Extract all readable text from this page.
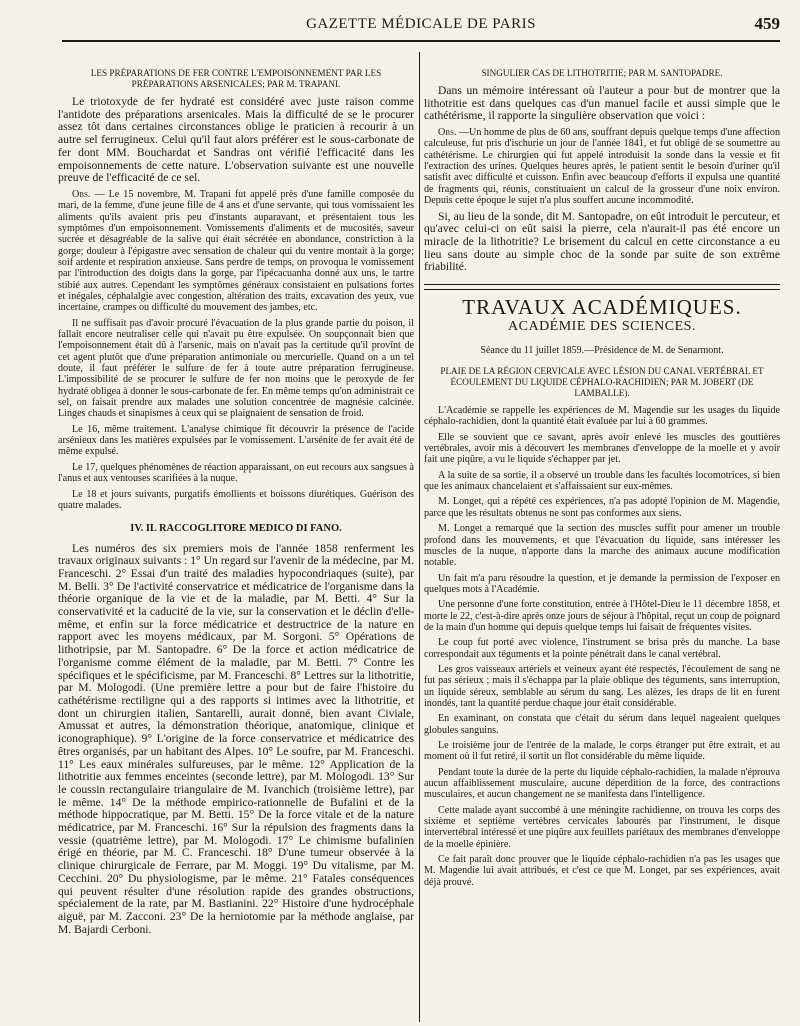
GAZETTE MÉDICALE DE PARIS	459

LES PRÉPARATIONS DE FER CONTRE L'EMPOISONNEMENT PAR LES PRÉPARATIONS ARSENICALES; PAR M. TRAPANI.

Le triotoxyde de fer hydraté est considéré avec juste raison comme l'antidote des préparations arsenicales. Mais la difficulté de se le procurer assez tôt dans certaines circonstances oblige le praticien à recourir à un autre sel ferrugineux. Celui qu'il faut alors préférer est le sous-carbonate de fer dont MM. Bouchardat et Sandras ont vérifié l'efficacité dans les empoisonnements de cette nature. L'observation suivante est une nouvelle preuve de l'efficacité de ce sel.

Obs. — Le 15 novembre, M. Trapani fut appelé près d'une famille composée du mari, de la femme, d'une jeune fille de 4 ans et d'une servante, qui tous vomissaient les aliments qu'ils avaient pris peu d'instants auparavant, et présentaient tous les symptômes d'un empoisonnement. Vomissements d'aliments et de mucosités, saveur sucrée et désagréable de la salive qui était sécrétée en abondance, constriction à la gorge; douleur à l'épigastre avec sensation de chaleur qui du ventre montait à la gorge; soif ardente et respiration anxieuse. Sans perdre de temps, on provoqua le vomissement par l'introduction des doigts dans la gorge, par l'ipécacuanha donné aux uns, le tartre stibié aux autres. Cependant les symptômes généraux consistaient en pulsations fortes et inégales, céphalalgie avec congestion, altération des traits, excavation des yeux, vue incertaine, crampes ou difficulté du mouvement des jambes, etc.

Il ne suffisait pas d'avoir procuré l'évacuation de la plus grande partie du poison, il fallait encore neutraliser celle qui n'avait pu être expulsée. On soupçonnait bien que l'empoisonnement était dû à l'arsenic, mais on n'avait pas la certitude qu'il provînt de cet agent plutôt que d'une préparation antimoniale ou mercurielle. Quand on a un tel doute, il faut préférer le sulfure de fer à toute autre préparation ferrugineuse. L'impossibilité de se procurer le sulfure de fer non moins que le peroxyde de fer hydraté obligea à donner le sous-carbonate de fer. En même temps qu'on administrait ce sel, on faisait prendre aux malades une solution concentrée de magnésie calcinée. Linges chauds et sinapismes à ceux qui se plaignaient de sensation de froid.

Le 16, même traitement. L'analyse chimique fit découvrir la présence de l'acide arsénieux dans les matières expulsées par le vomissement. L'arsénite de fer avait été de même expulsé.

Le 17, quelques phénomènes de réaction apparaissant, on eut recours aux sangsues à l'anus et aux ventouses scarifiées à la nuque.

Le 18 et jours suivants, purgatifs émollients et boissons diurétiques. Guérison des quatre malades.

IV. IL RACCOGLITORE MEDICO DI FANO.

Les numéros des six premiers mois de l'année 1858 renferment les travaux originaux suivants : 1° Un regard sur l'avenir de la médecine, par M. Franceschi. 2° Essai d'un traité des maladies hypocondriaques (suite), par M. Belli. 3° De l'activité conservatrice et médicatrice de l'organisme dans la théorie organique de la vie et de la maladie, par M. Betti. 4° Sur la conservativité et la caducité de la vie, sur la conservation et le déclin d'elle-même, et enfin sur la force médicatrice et destructrice de la nature en rapport avec les moyens médicaux, par M. Sorgoni. 5° Opérations de lithotripsie, par M. Santopadre. 6° De la force et action médicatrice de l'organisme comme élément de la maladie, par M. Betti. 7° Contre les spécifiques et le spécificisme, par M. Franceschi. 8° Lettres sur la lithotritie, par M. Mologodi. (Une première lettre a pour but de faire l'histoire du cathétérisme rectiligne qui a des rapports si intimes avec la lithotritie, et dont un chirurgien italien, Santarelli, aurait donné, bien avant Civiale, Amussat et autres, la démonstration théorique, anatomique, clinique et iconographique). 9° L'origine de la force conservatrice et médicatrice des êtres organisés, par un habitant des Alpes. 10° Le soufre, par M. Franceschi. 11° Les eaux minérales sulfureuses, par le même. 12° Application de la lithotritie aux femmes enceintes (seconde lettre), par M. Mologodi. 13° Sur le coussin rectangulaire triangulaire de M. Ivanchich (troisième lettre), par le même. 14° De la méthode empirico-rationnelle de Bufalini et de la méthode hippocratique, par M. Betti. 15° De la force vitale et de la nature médicatrice, par M. Franceschi. 16° Sur la répulsion des fragments dans la vessie (quatrième lettre), par M. Mologodi. 17° Le chimisme bufalinien érigé en théorie, par M. C. Franceschi. 18° D'une tumeur observée à la clinique chirurgicale de Ferrare, par M. Moggi. 19° Du vitalisme, par M. Cecchini. 20° Du physiologisme, par le même. 21° Fatales conséquences qui peuvent résulter d'une résolution rapide des grandes obstructions, spécialement de la rate, par M. Bastianini. 22° Histoire d'une hydrocéphale aiguë, par M. Zacconi. 23° De la herniotomie par la méthode anglaise, par M. Bajardi Cerboni.

SINGULIER CAS DE LITHOTRITIE; PAR M. SANTOPADRE.

Dans un mémoire intéressant où l'auteur a pour but de montrer que la lithotritie est dans quelques cas d'un manuel facile et aussi simple que le cathétérisme, il rapporte la singulière observation que voici :

Obs. —Un homme de plus de 60 ans, souffrant depuis quelque temps d'une affection calculeuse, fut pris d'ischurie un jour de l'année 1841, et fut obligé de se soumettre au cathétérisme. Le chirurgien qui fut appelé introduisit la sonde dans la vessie et fit l'extraction des urines. Quelques heures après, le patient sentit le besoin d'uriner qu'il satisfit avec difficulté et cuisson. Enfin avec beaucoup d'efforts il expulsa une quantité de fragments qui, réunis, constituaient un calcul de la grosseur d'une noix environ. Depuis cette époque le sujet n'a plus souffert aucune incommodité.

Si, au lieu de la sonde, dit M. Santopadre, on eût introduit le percuteur, et qu'avec celui-ci on eût saisi la pierre, cela n'aurait-il pas été encore un miracle de la lithotritie? Le brisement du calcul en cette circonstance a eu lieu sans doute au simple choc de la sonde par suite de son extrême friabilité.

TRAVAUX ACADÉMIQUES.

ACADÉMIE DES SCIENCES.

Séance du 11 juillet 1859.—Présidence de M. de Senarmont.

PLAIE DE LA RÉGION CERVICALE AVEC LÉSION DU CANAL VERTÉBRAL ET ÉCOULEMENT DU LIQUIDE CÉPHALO-RACHIDIEN; PAR M. JOBERT (DE LAMBALLE).

L'Académie se rappelle les expériences de M. Magendie sur les usages du liquide céphalo-rachidien, dont la quantité était évaluée par lui à 60 grammes.

Elle se souvient que ce savant, après avoir enlevé les muscles des gouttières vertébrales, avoir mis à découvert les membranes d'enveloppe de la moelle et y avoir fait une piqûre, a vu le liquide s'échapper par jet.

A la suite de sa sortie, il a observé un trouble dans les facultés locomotrices, si bien que les animaux chancelaient et s'affaissaient sur eux-mêmes.

M. Longet, qui a répété ces expériences, n'a pas adopté l'opinion de M. Magendie, parce que les résultats obtenus ne sont pas conformes aux siens.

M. Longet a remarqué que la section des muscles suffit pour amener un trouble profond dans les mouvements, et que l'évacuation du liquide, sans intéresser les muscles de la nuque, n'apporte dans la marche des animaux aucune modification notable.

Un fait m'a paru résoudre la question, et je demande la permission de l'exposer en quelques mots à l'Académie.

Une personne d'une forte constitution, entrée à l'Hôtel-Dieu le 11 décembre 1858, et morte le 22, c'est-à-dire après onze jours de séjour à l'hôpital, reçut un coup de poignard de la main d'un homme qui depuis quelque temps lui faisait de fréquentes visites.

Le coup fut porté avec violence, l'instrument se brisa près du manche. La base correspondait aux téguments et la pointe pénétrait dans le canal vertébral.

Les gros vaisseaux artériels et veineux ayant été respectés, l'écoulement de sang ne fut pas sérieux ; mais il s'échappa par la plaie oblique des téguments, sans interruption, un liquide séreux, semblable au sérum du sang. Les alèzes, les draps de lit en furent inondés, tant la quantité perdue chaque jour était considérable.

En examinant, on constata que c'était du sérum dans lequel nageaient quelques globules sanguins.

Le troisième jour de l'entrée de la malade, le corps étranger put être extrait, et au moment où il fut retiré, il sortit un flot considérable du même liquide.

Pendant toute la durée de la perte du liquide céphalo-rachidien, la malade n'éprouva aucun affaiblissement musculaire, aucune déperdition de la force, des contractions musculaires, et aucun changement ne se manifesta dans l'intelligence.

Cette malade ayant succombé à une méningite rachidienne, on trouva les corps des sixième et septième vertèbres cervicales labourés par l'instrument, le disque intervertébral intéressé et une piqûre aux feuillets pariétaux des membranes d'enveloppe de la moelle épinière.

Ce fait paraît donc prouver que le liquide céphalo-rachidien n'a pas les usages que M. Magendie lui avait attribués, et c'est ce que M. Longet, par ses expériences, avait déjà prouvé.
